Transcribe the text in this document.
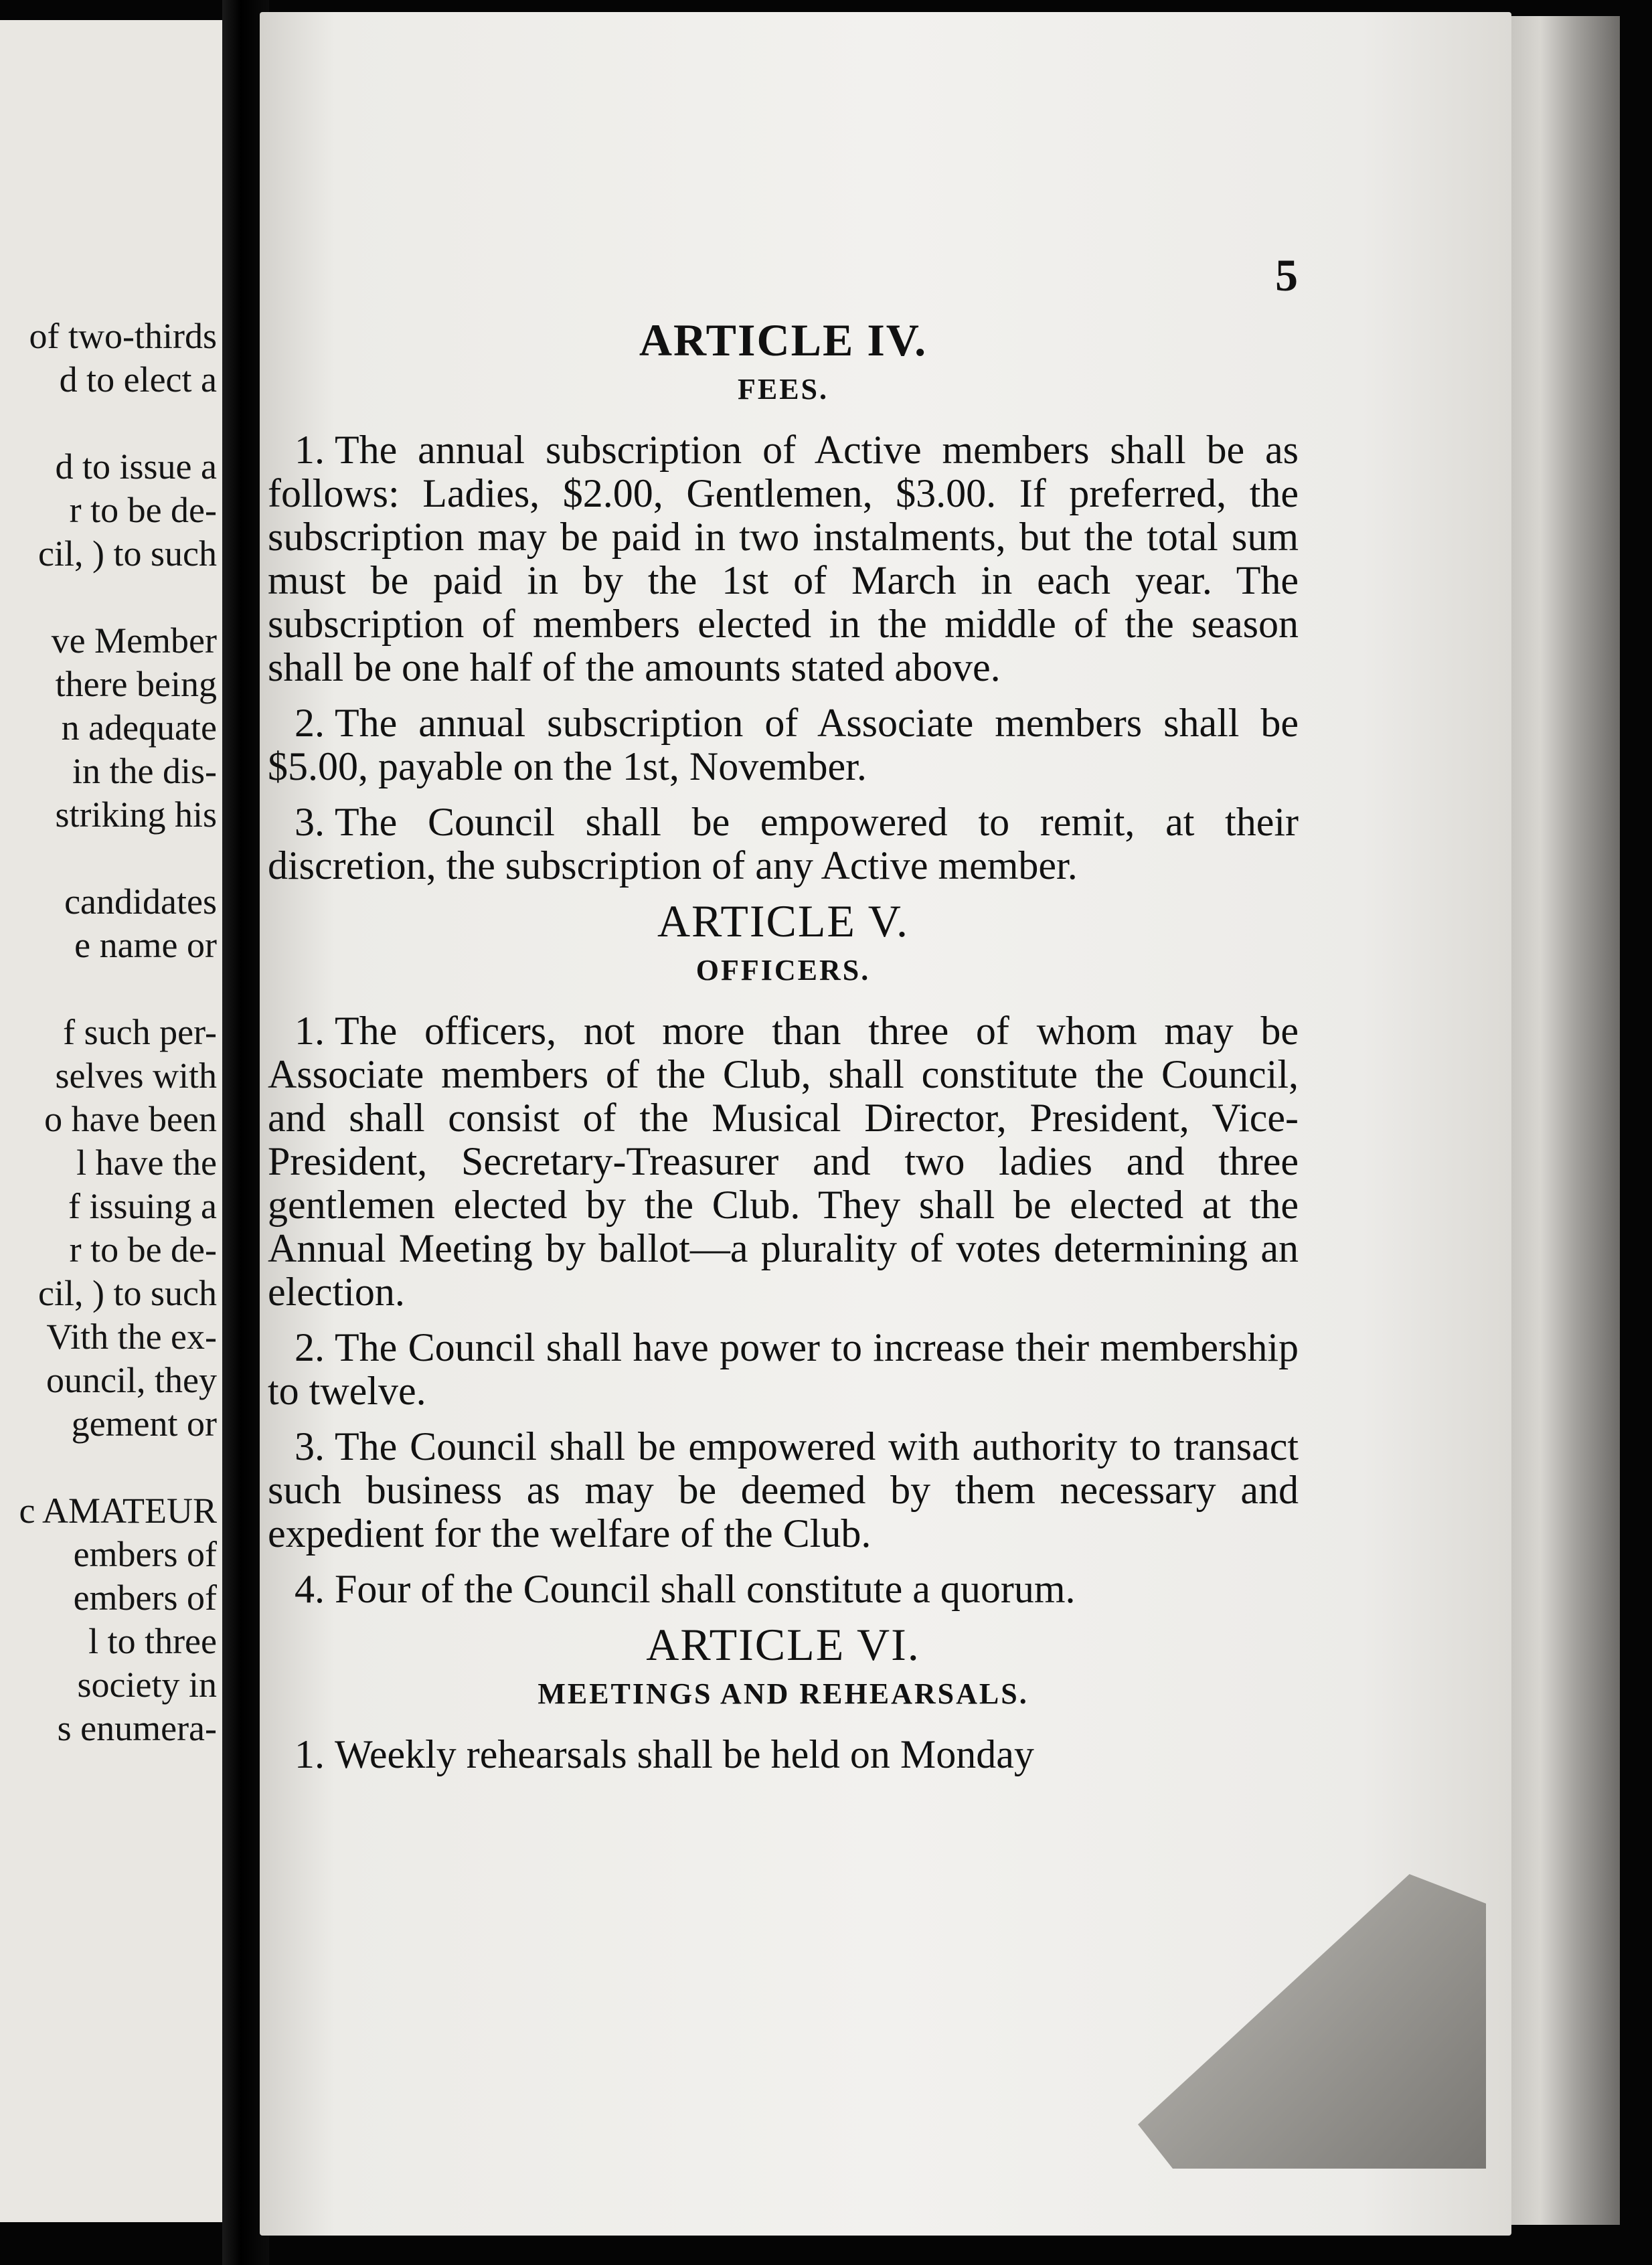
of two-thirds
d to elect a
d to issue a
r to be de-
cil, ) to such
ve Member
there being
n adequate
in the dis-
striking his
candidates
e name or
f such per-
selves with
o have been
l have the
f issuing a
r to be de-
cil, ) to such
Vith the ex-
ouncil, they
gement or
c AMATEUR
embers of
embers of
l to three
society in
s enumera-
5
ARTICLE IV.
FEES.

1. The annual subscription of Active members shall be as follows: Ladies, $2.00, Gentlemen, $3.00. If preferred, the subscription may be paid in two instalments, but the total sum must be paid in by the 1st of March in each year. The subscription of members elected in the middle of the season shall be one half of the amounts stated above.

2. The annual subscription of Associate members shall be $5.00, payable on the 1st, November.

3. The Council shall be empowered to remit, at their discretion, the subscription of any Active member.

ARTICLE V.
OFFICERS.

1. The officers, not more than three of whom may be Associate members of the Club, shall constitute the Council, and shall consist of the Musical Director, President, Vice-President, Secretary-Treasurer and two ladies and three gentlemen elected by the Club. They shall be elected at the Annual Meeting by ballot—a plurality of votes determining an election.

2. The Council shall have power to increase their membership to twelve.

3. The Council shall be empowered with authority to transact such business as may be deemed by them necessary and expedient for the welfare of the Club.

4. Four of the Council shall constitute a quorum.

ARTICLE VI.
MEETINGS AND REHEARSALS.

1. Weekly rehearsals shall be held on Monday
